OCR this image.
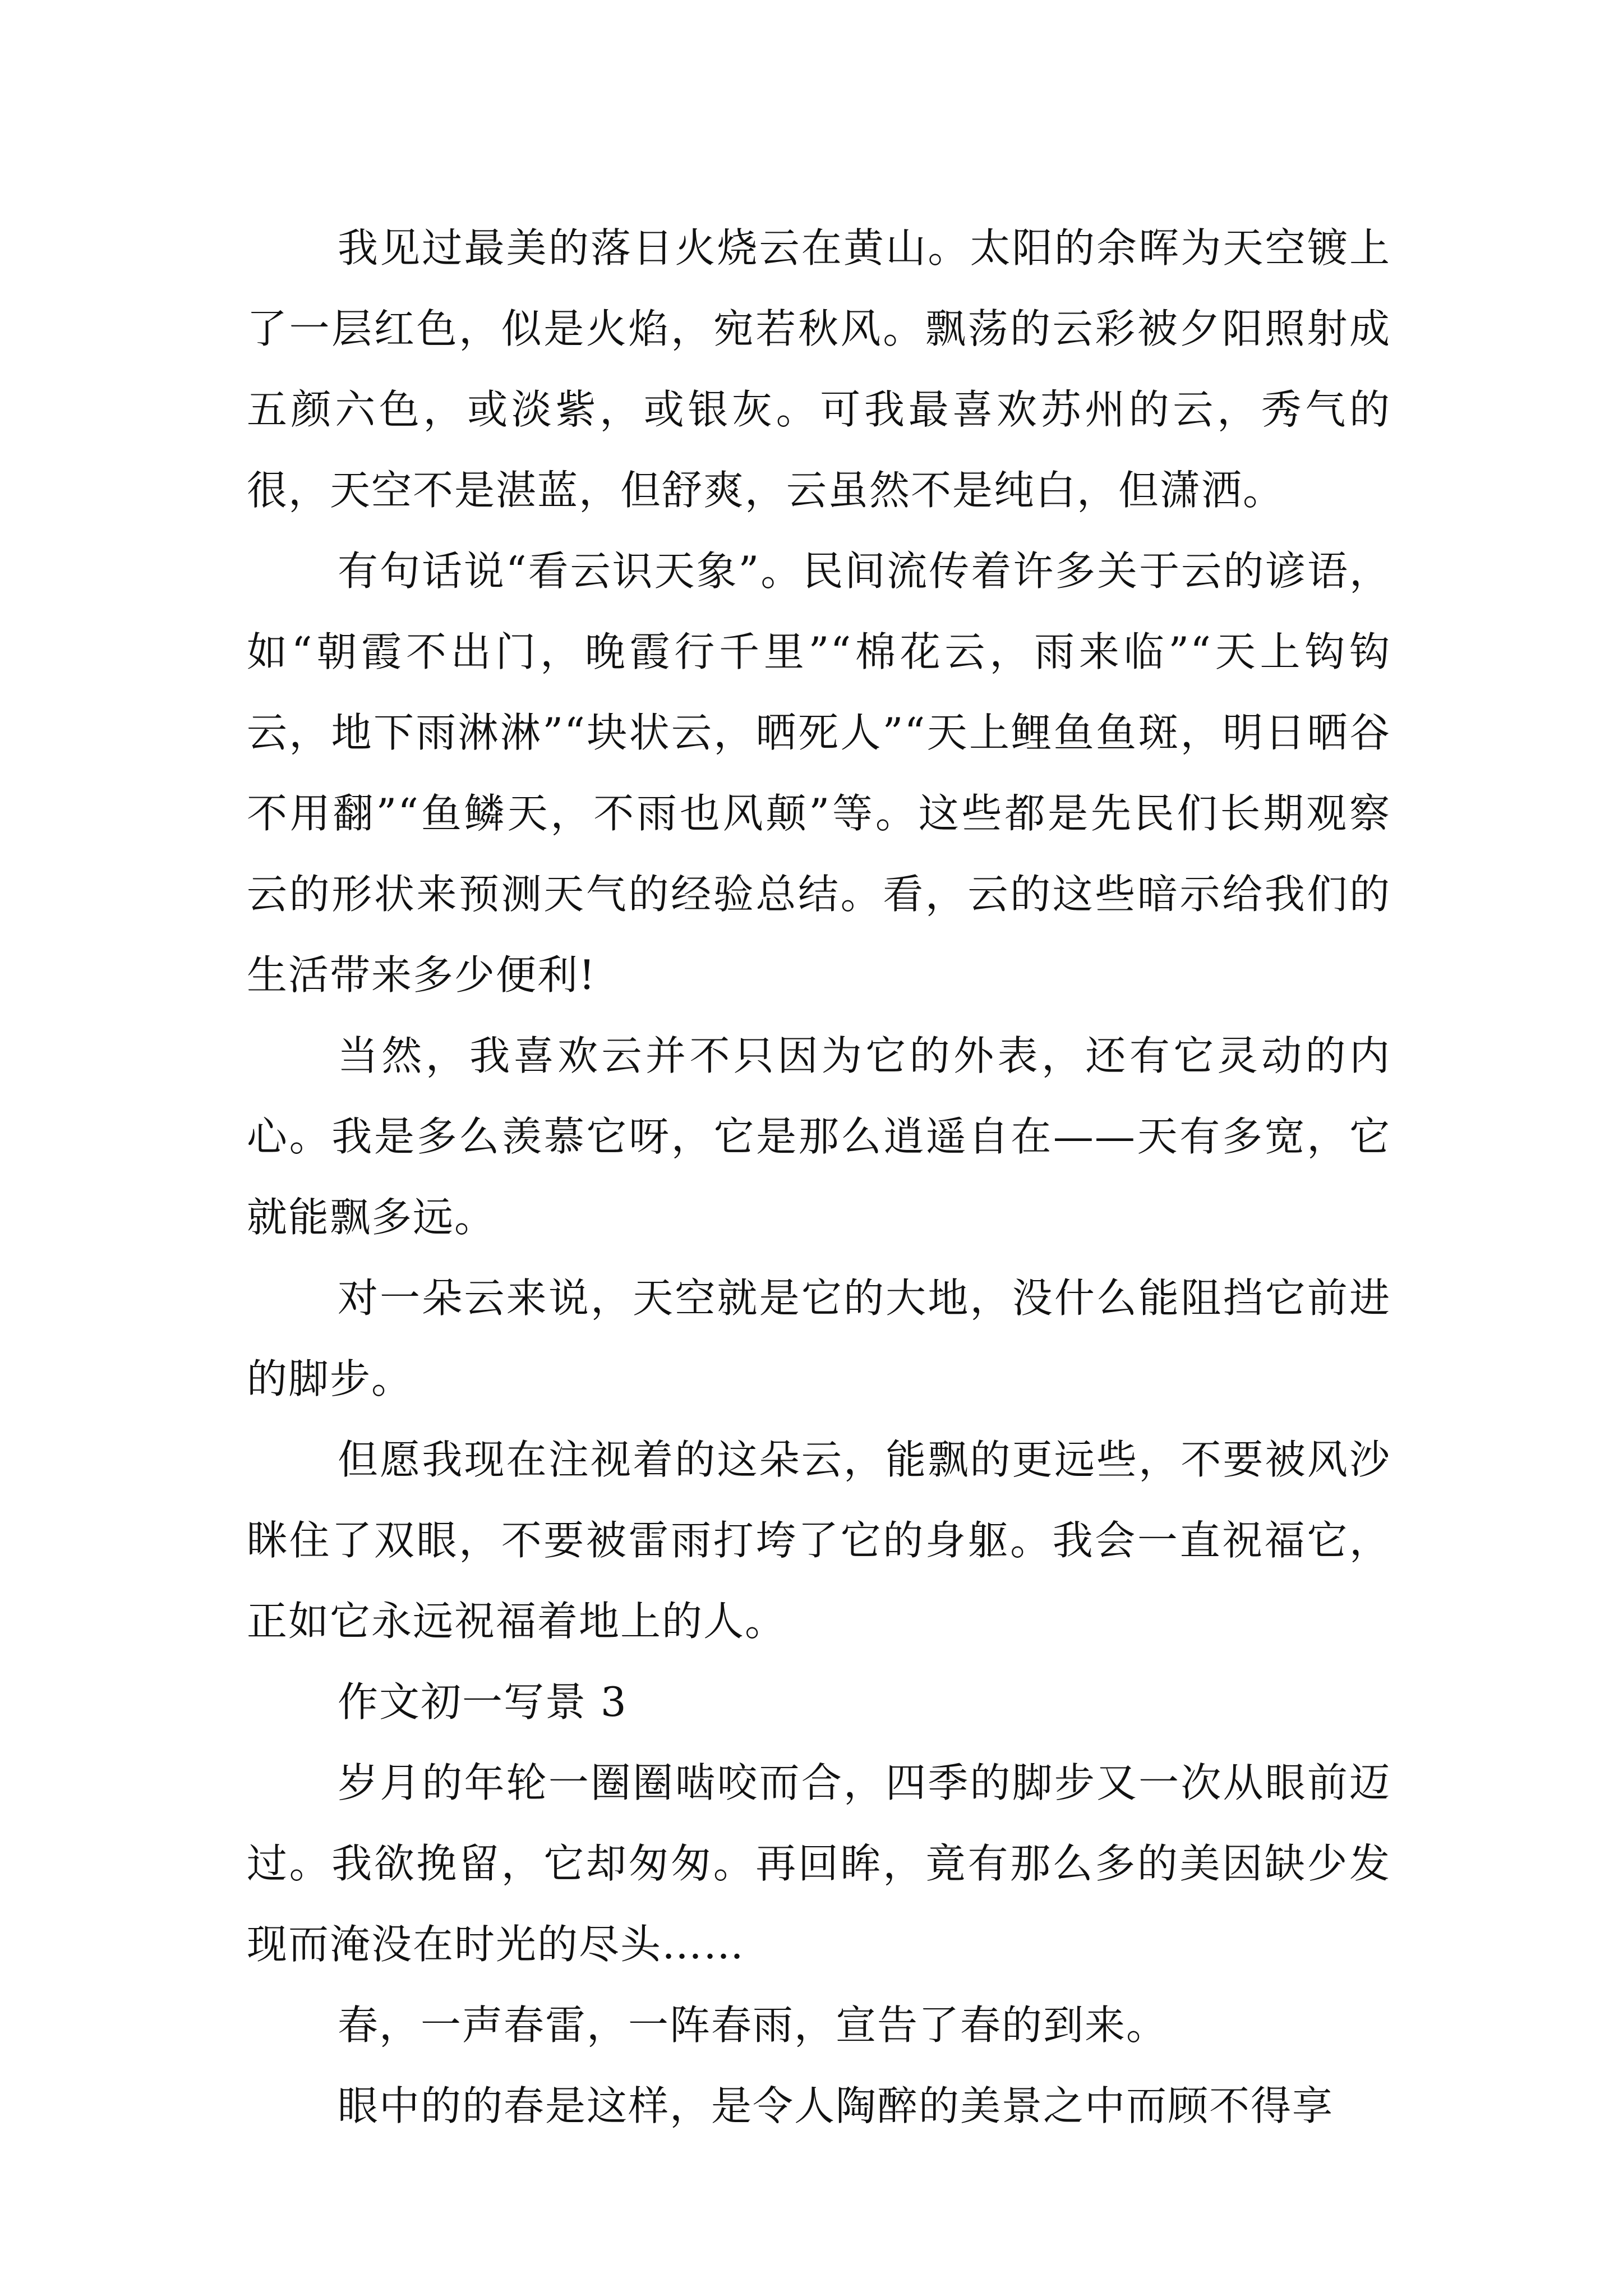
我见过最美的落日火烧云在黄山。太阳的余晖为天空镀上了一层红色，似是火焰，宛若秋风。飘荡的云彩被夕阳照射成五颜六色，或淡紫，或银灰。可我最喜欢苏州的云，秀气的很，天空不是湛蓝，但舒爽，云虽然不是纯白，但潇洒。

有句话说“看云识天象”。民间流传着许多关于云的谚语，如“朝霞不出门，晚霞行千里”“棉花云，雨来临”“天上钩钩云，地下雨淋淋”“块状云，晒死人”“天上鲤鱼鱼斑，明日晒谷不用翻”“鱼鳞天，不雨也风颠”等。这些都是先民们长期观察云的形状来预测天气的经验总结。看，云的这些暗示给我们的生活带来多少便利!

当然，我喜欢云并不只因为它的外表，还有它灵动的内心。我是多么羡慕它呀，它是那么逍遥自在——天有多宽，它就能飘多远。

对一朵云来说，天空就是它的大地，没什么能阻挡它前进的脚步。

但愿我现在注视着的这朵云，能飘的更远些，不要被风沙眯住了双眼，不要被雷雨打垮了它的身躯。我会一直祝福它，正如它永远祝福着地上的人。

作文初一写景 3

岁月的年轮一圈圈啮咬而合，四季的脚步又一次从眼前迈过。我欲挽留，它却匆匆。再回眸，竟有那么多的美因缺少发现而淹没在时光的尽头……

春，一声春雷，一阵春雨，宣告了春的到来。

眼中的的春是这样，是令人陶醉的美景之中而顾不得享
